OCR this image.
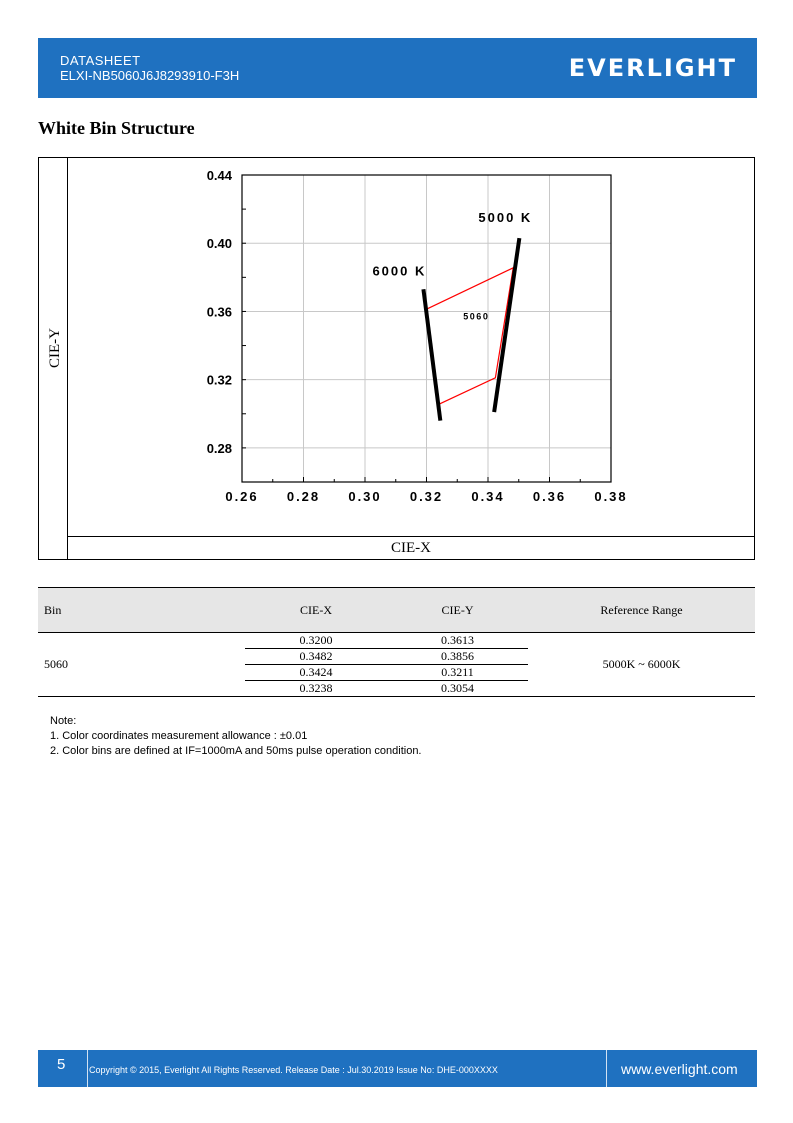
DATASHEET
ELXI-NB5060J6J8293910-F3H	EVERLIGHT
White Bin Structure
CIE-Y
CIE-X
0.26 0.28 0.30 0.32 0.34 0.36 0.38
0.44
0.40
0.36
0.32
0.28
5060
6000 K
5000 K
Bin	CIE-X	CIE-Y	Reference Range
5060	0.3200	0.3613	5000K ~ 6000K
	0.3482	0.3856	
	0.3424	0.3211	
	0.3238	0.3054	
Note:
1. Color coordinates measurement allowance : ±0.01
2. Color bins are defined at IF=1000mA and 50ms pulse operation condition.
5	Copyright © 2015, Everlight All Rights Reserved. Release Date : Jul.30.2019 Issue No: DHE-000XXXX	www.everlight.com
